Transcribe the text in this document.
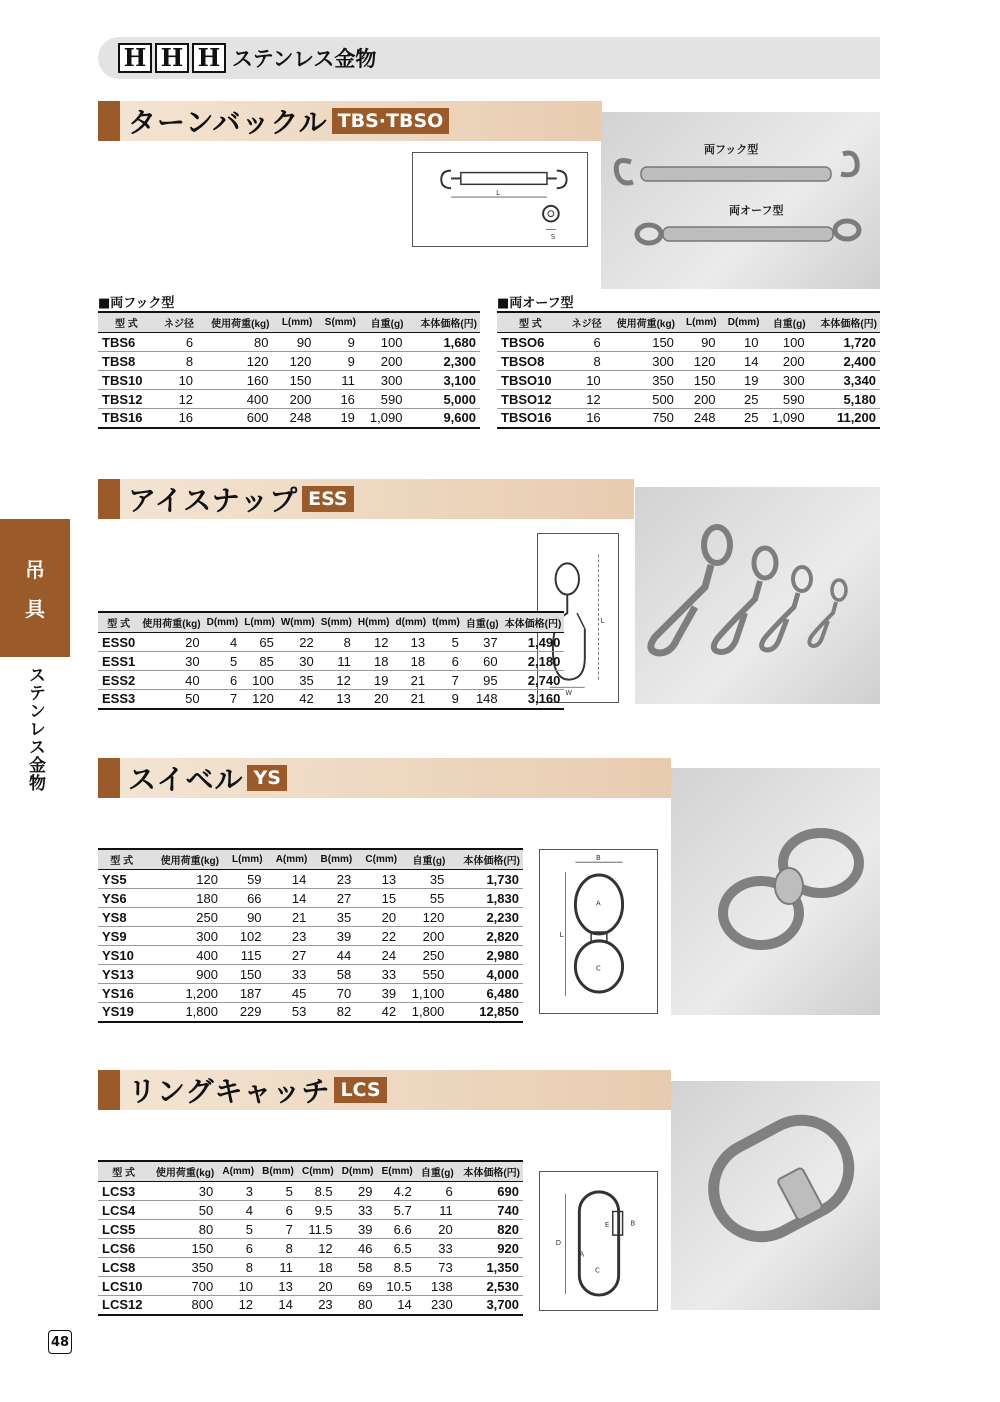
H H H ステンレス金物
吊
具
ステンレス金物
ターンバックル TBS·TBSO
L
S
両フック型
両オーフ型
■両フック型
型 式	ネジ径	使用荷重(kg)	L(mm)	S(mm)	自重(g)	本体価格(円)
TBS6	6	80	90	9	100	1,680
TBS8	8	120	120	9	200	2,300
TBS10	10	160	150	11	300	3,100
TBS12	12	400	200	16	590	5,000
TBS16	16	600	248	19	1,090	9,600
■両オーフ型
型 式	ネジ径	使用荷重(kg)	L(mm)	D(mm)	自重(g)	本体価格(円)
TBSO6	6	150	90	10	100	1,720
TBSO8	8	300	120	14	200	2,400
TBSO10	10	350	150	19	300	3,340
TBSO12	12	500	200	25	590	5,180
TBSO16	16	750	248	25	1,090	11,200
アイスナップ ESS
W
L
型 式	使用荷重(kg)	D(mm)	L(mm)	W(mm)	S(mm)	H(mm)	d(mm)	t(mm)	自重(g)	本体価格(円)
ESS0	20	4	65	22	8	12	13	5	37	1,490
ESS1	30	5	85	30	11	18	18	6	60	2,180
ESS2	40	6	100	35	12	19	21	7	95	2,740
ESS3	50	7	120	42	13	20	21	9	148	3,160
スイベル YS
B
L
A
C
型 式	使用荷重(kg)	L(mm)	A(mm)	B(mm)	C(mm)	自重(g)	本体価格(円)
YS5	120	59	14	23	13	35	1,730
YS6	180	66	14	27	15	55	1,830
YS8	250	90	21	35	20	120	2,230
YS9	300	102	23	39	22	200	2,820
YS10	400	115	27	44	24	250	2,980
YS13	900	150	33	58	33	550	4,000
YS16	1,200	187	45	70	39	1,100	6,480
YS19	1,800	229	53	82	42	1,800	12,850
リングキャッチ LCS
D
A
C
E	B
型 式	使用荷重(kg)	A(mm)	B(mm)	C(mm)	D(mm)	E(mm)	自重(g)	本体価格(円)
LCS3	30	3	5	8.5	29	4.2	6	690
LCS4	50	4	6	9.5	33	5.7	11	740
LCS5	80	5	7	11.5	39	6.6	20	820
LCS6	150	6	8	12	46	6.5	33	920
LCS8	350	8	11	18	58	8.5	73	1,350
LCS10	700	10	13	20	69	10.5	138	2,530
LCS12	800	12	14	23	80	14	230	3,700
48
